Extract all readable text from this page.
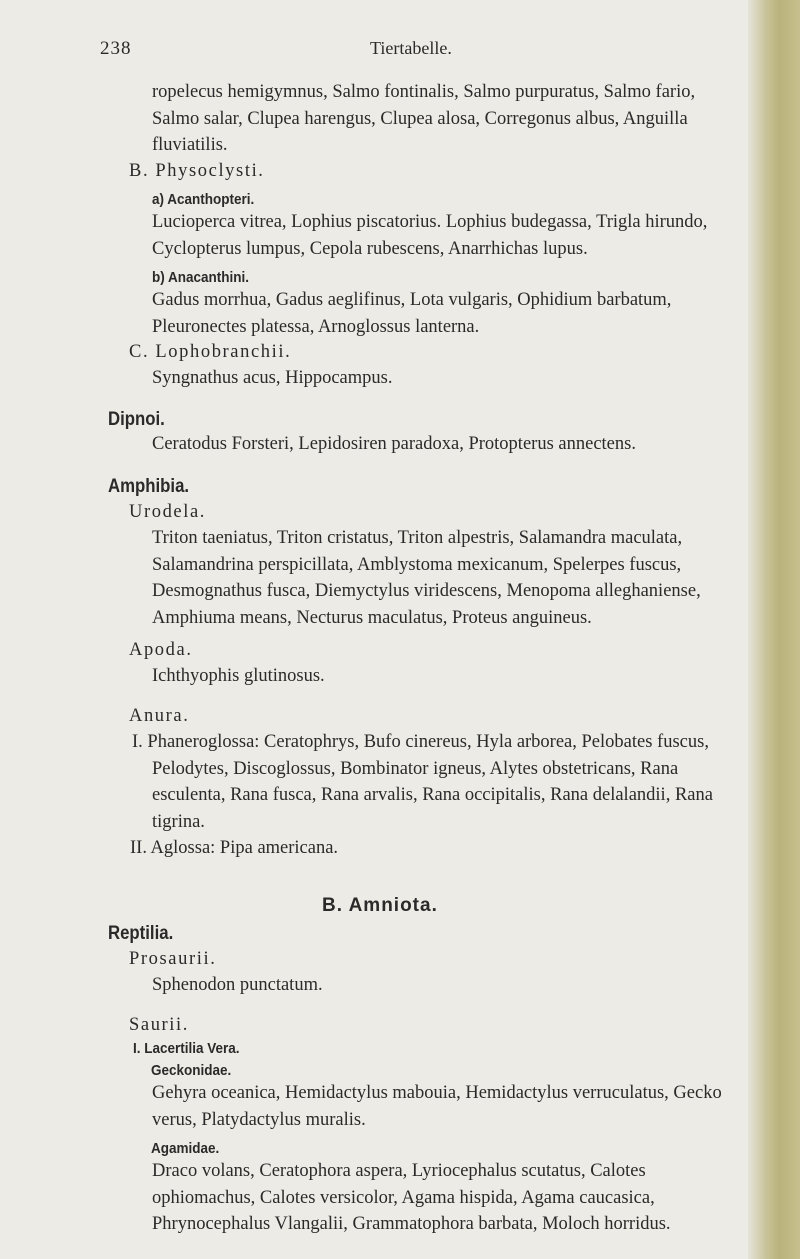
238	Tiertabelle.

ropelecus hemigymnus, Salmo fontinalis, Salmo purpuratus, Salmo fario, Salmo salar, Clupea harengus, Clupea alosa, Corregonus albus, Anguilla fluviatilis.

B. Physoclysti.

a) Acanthopteri.

Lucioperca vitrea, Lophius piscatorius. Lophius budegassa, Trigla hirundo, Cyclopterus lumpus, Cepola rubescens, Anarrhichas lupus.

b) Anacanthini.

Gadus morrhua, Gadus aeglifinus, Lota vulgaris, Ophidium barbatum, Pleuronectes platessa, Arnoglossus lanterna.

C. Lophobranchii.

Syngnathus acus, Hippocampus.

Dipnoi.

Ceratodus Forsteri, Lepidosiren paradoxa, Protopterus annectens.

Amphibia.

Urodela.

Triton taeniatus, Triton cristatus, Triton alpestris, Salamandra maculata, Salamandrina perspicillata, Amblystoma mexicanum, Spelerpes fuscus, Desmognathus fusca, Diemyctylus viridescens, Menopoma alleghaniense, Amphiuma means, Necturus maculatus, Proteus anguineus.

Apoda.

Ichthyophis glutinosus.

Anura.

I. Phaneroglossa: Ceratophrys, Bufo cinereus, Hyla arborea, Pelobates fuscus, Pelodytes, Discoglossus, Bombinator igneus, Alytes obstetricans, Rana esculenta, Rana fusca, Rana arvalis, Rana occipitalis, Rana delalandii, Rana tigrina.

II. Aglossa: Pipa americana.

B. Amniota.

Reptilia.

Prosaurii.

Sphenodon punctatum.

Saurii.

I. Lacertilia Vera.

Geckonidae.

Gehyra oceanica, Hemidactylus mabouia, Hemidactylus verruculatus, Gecko verus, Platydactylus muralis.

Agamidae.

Draco volans, Ceratophora aspera, Lyriocephalus scutatus, Calotes ophiomachus, Calotes versicolor, Agama hispida, Agama caucasica, Phrynocephalus Vlangalii, Grammatophora barbata, Moloch horridus.
